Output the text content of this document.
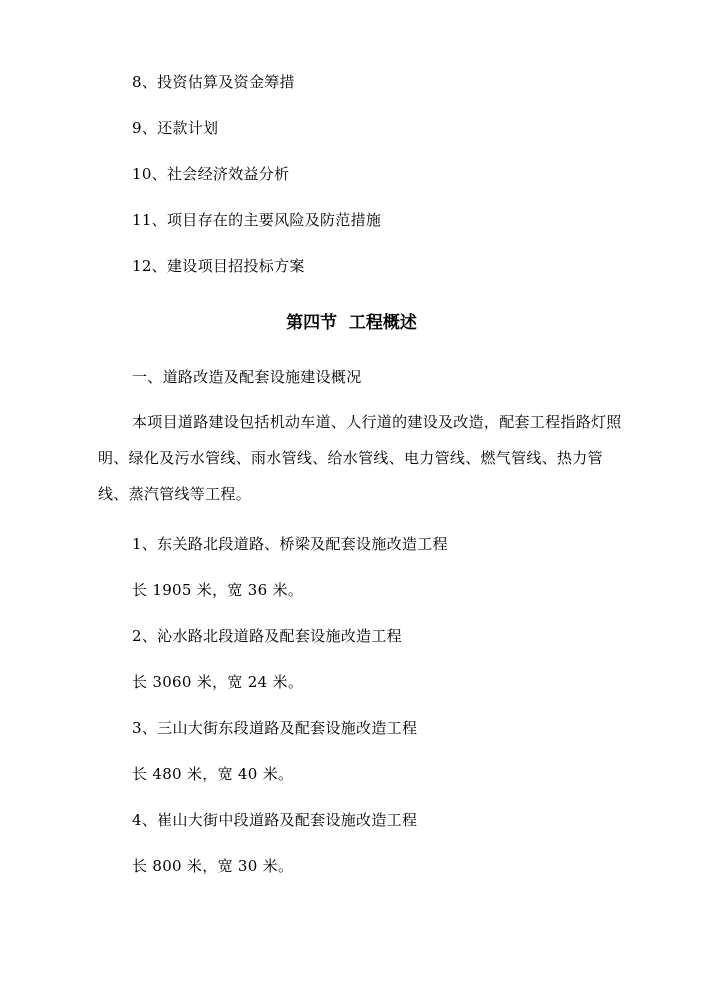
8、投资估算及资金筹措
9、还款计划
10、社会经济效益分析
11、项目存在的主要风险及防范措施
12、建设项目招投标方案
第四节  工程概述
一、道路改造及配套设施建设概况
本项目道路建设包括机动车道、人行道的建设及改造，配套工程指路灯照明、绿化及污水管线、雨水管线、给水管线、电力管线、燃气管线、热力管线、蒸汽管线等工程。
1、东关路北段道路、桥梁及配套设施改造工程
长 1905 米，宽 36 米。
2、沁水路北段道路及配套设施改造工程
长 3060 米，宽 24 米。
3、三山大街东段道路及配套设施改造工程
长 480 米，宽 40 米。
4、崔山大街中段道路及配套设施改造工程
长 800 米，宽 30 米。
